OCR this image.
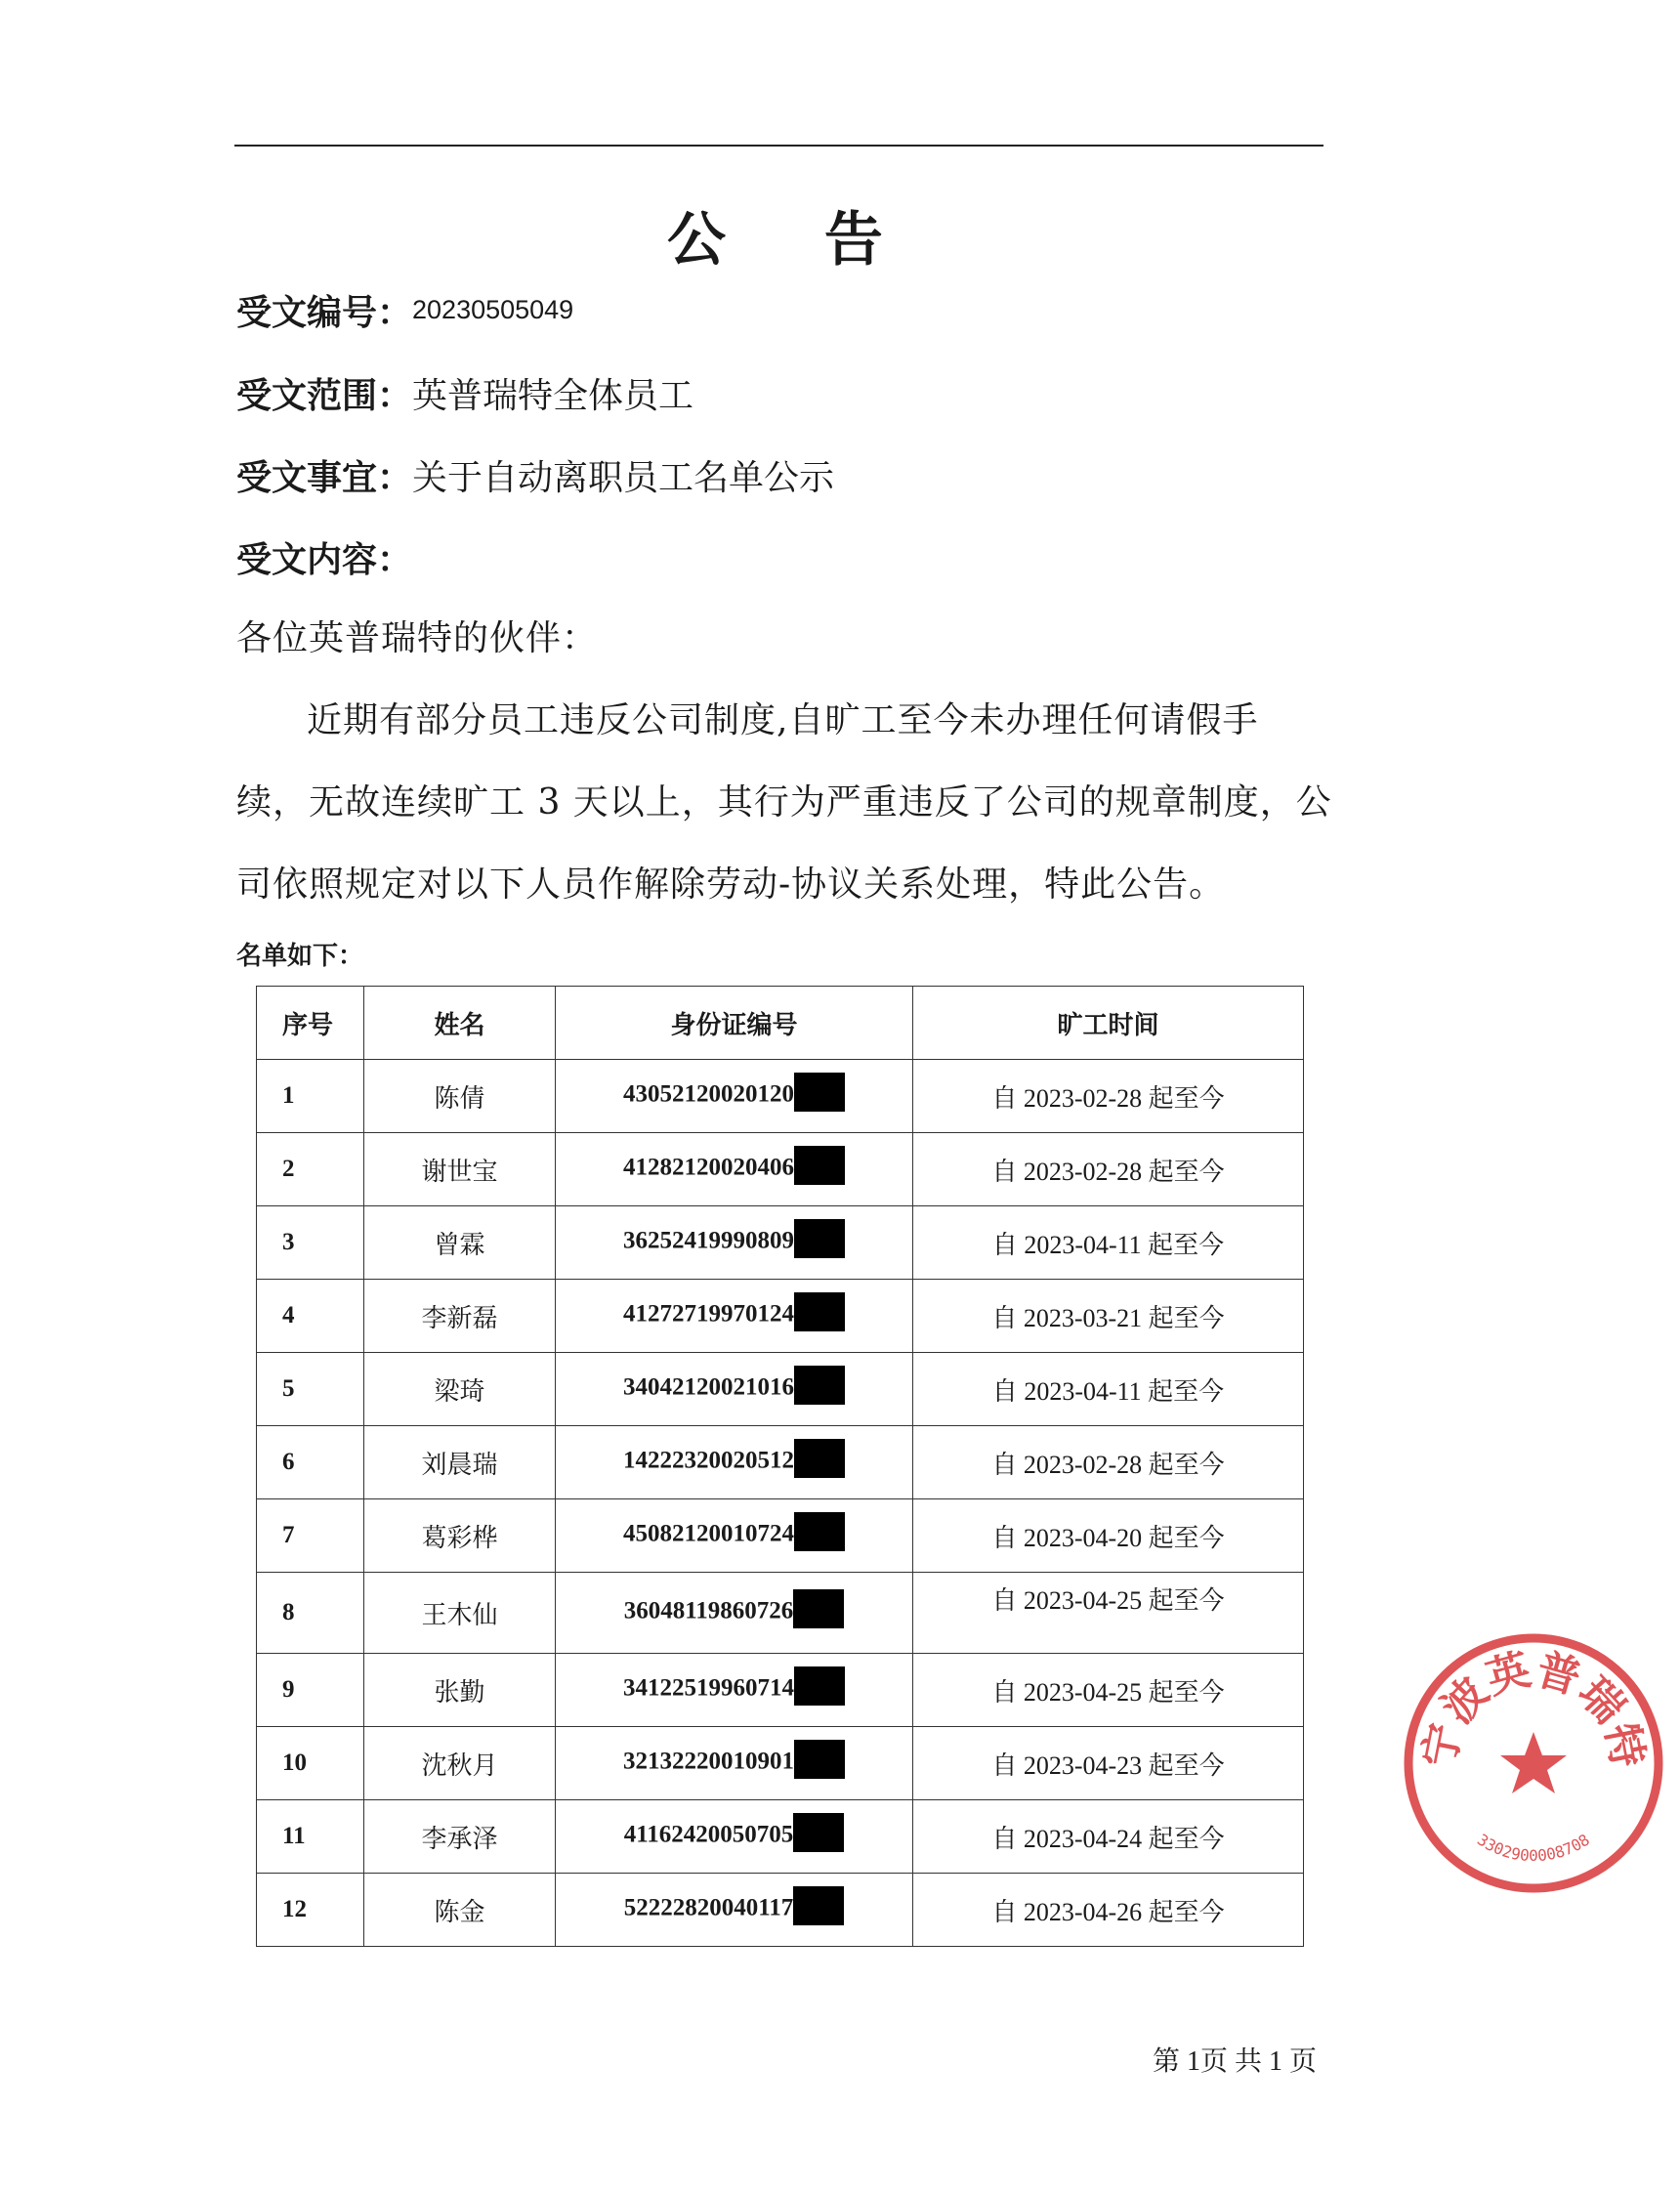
公 告
受文编号：20230505049
受文范围：英普瑞特全体员工
受文事宜：关于自动离职员工名单公示
受文内容：
各位英普瑞特的伙伴：
近期有部分员工违反公司制度,自旷工至今未办理任何请假手
续，无故连续旷工 3 天以上，其行为严重违反了公司的规章制度，公
司依照规定对以下人员作解除劳动-协议关系处理，特此公告。
名单如下：
序号	姓名	身份证编号	旷工时间
1	陈倩	43052120020120	自 2023-02-28 起至今
2	谢世宝	41282120020406	自 2023-02-28 起至今
3	曾霖	36252419990809	自 2023-04-11 起至今
4	李新磊	41272719970124	自 2023-03-21 起至今
5	梁琦	34042120021016	自 2023-04-11 起至今
6	刘晨瑞	14222320020512	自 2023-02-28 起至今
7	葛彩桦	45082120010724	自 2023-04-20 起至今
8	王木仙	36048119860726	自 2023-04-25 起至今
9	张勤	34122519960714	自 2023-04-25 起至今
10	沈秋月	32132220010901	自 2023-04-23 起至今
11	李承泽	41162420050705	自 2023-04-24 起至今
12	陈金	52222820040117	自 2023-04-26 起至今
第 1页 共 1 页
宁波英普瑞特
3302900008708
